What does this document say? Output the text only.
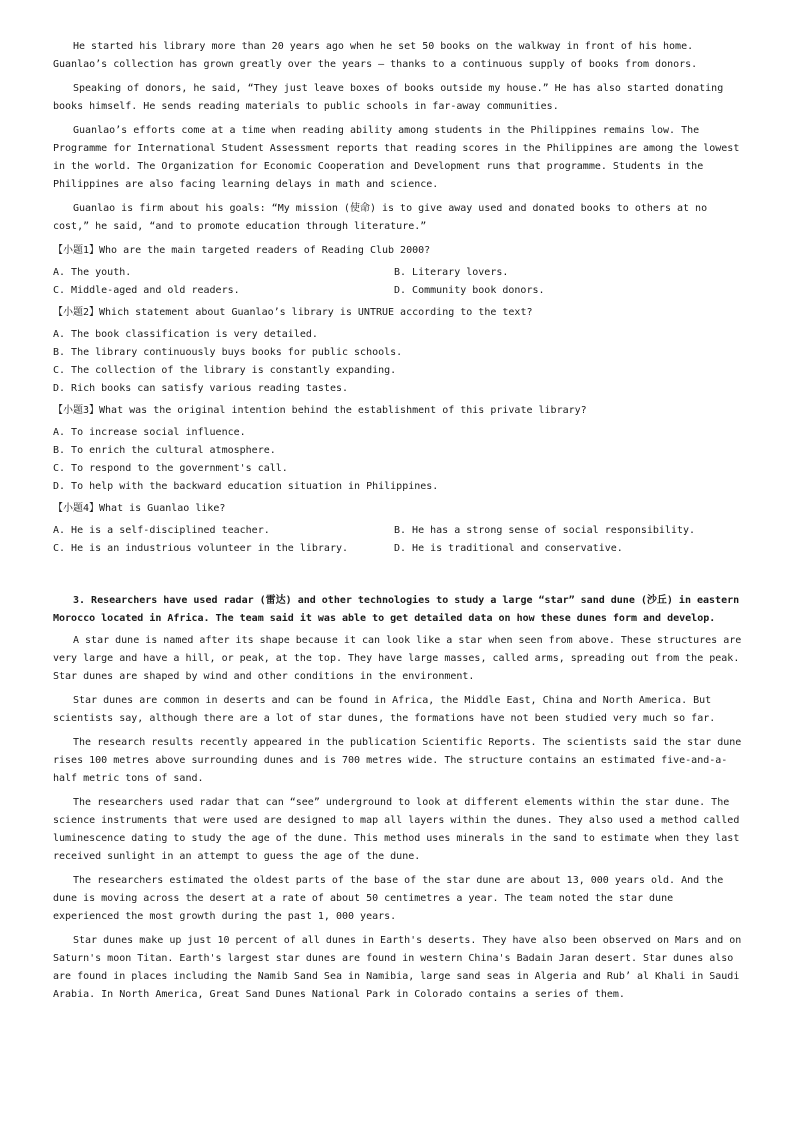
He started his library more than 20 years ago when he set 50 books on the walkway in front of his home. Guanlao’s collection has grown greatly over the years — thanks to a continuous supply of books from donors.

Speaking of donors, he said, “They just leave boxes of books outside my house.” He has also started donating books himself. He sends reading materials to public schools in far-away communities.

Guanlao’s efforts come at a time when reading ability among students in the Philippines remains low. The Programme for International Student Assessment reports that reading scores in the Philippines are among the lowest in the world. The Organization for Economic Cooperation and Development runs that programme. Students in the Philippines are also facing learning delays in math and science.

Guanlao is firm about his goals: “My mission (使命) is to give away used and donated books to others at no cost,” he said, “and to promote education through literature.”

【小题1】Who are the main targeted readers of Reading Club 2000?
A. The youth.	B. Literary lovers.
C. Middle-aged and old readers.	D. Community book donors.
【小题2】Which statement about Guanlao’s library is UNTRUE according to the text?
A. The book classification is very detailed.
B. The library continuously buys books for public schools.
C. The collection of the library is constantly expanding.
D. Rich books can satisfy various reading tastes.
【小题3】What was the original intention behind the establishment of this private library?
A. To increase social influence.
B. To enrich the cultural atmosphere.
C. To respond to the government's call.
D. To help with the backward education situation in Philippines.
【小题4】What is Guanlao like?
A. He is a self-disciplined teacher.	B. He has a strong sense of social responsibility.
C. He is an industrious volunteer in the library.	D. He is traditional and conservative.
3. Researchers have used radar (雷达) and other technologies to study a large “star” sand dune (沙丘) in eastern Morocco located in Africa. The team said it was able to get detailed data on how these dunes form and develop.

A star dune is named after its shape because it can look like a star when seen from above. These structures are very large and have a hill, or peak, at the top. They have large masses, called arms, spreading out from the peak. Star dunes are shaped by wind and other conditions in the environment.

Star dunes are common in deserts and can be found in Africa, the Middle East, China and North America. But scientists say, although there are a lot of star dunes, the formations have not been studied very much so far.

The research results recently appeared in the publication Scientific Reports. The scientists said the star dune rises 100 metres above surrounding dunes and is 700 metres wide. The structure contains an estimated five-and-a-half metric tons of sand.

The researchers used radar that can “see” underground to look at different elements within the star dune. The science instruments that were used are designed to map all layers within the dunes. They also used a method called luminescence dating to study the age of the dune. This method uses minerals in the sand to estimate when they last received sunlight in an attempt to guess the age of the dune.

The researchers estimated the oldest parts of the base of the star dune are about 13, 000 years old. And the dune is moving across the desert at a rate of about 50 centimetres a year. The team noted the star dune experienced the most growth during the past 1, 000 years.

Star dunes make up just 10 percent of all dunes in Earth's deserts. They have also been observed on Mars and on Saturn's moon Titan. Earth's largest star dunes are found in western China's Badain Jaran desert. Star dunes also are found in places including the Namib Sand Sea in Namibia, large sand seas in Algeria and Rub’ al Khali in Saudi Arabia. In North America, Great Sand Dunes National Park in Colorado contains a series of them.
